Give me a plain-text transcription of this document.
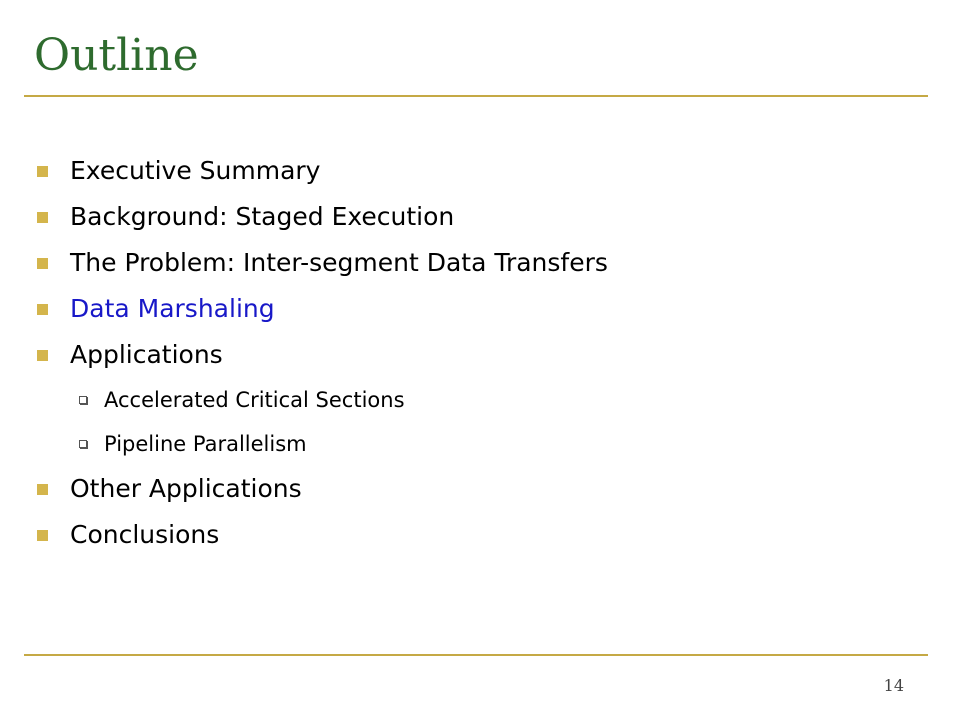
Outline
Executive Summary
Background: Staged Execution
The Problem: Inter-segment Data Transfers
Data Marshaling
Applications
Accelerated Critical Sections
Pipeline Parallelism
Other Applications
Conclusions
14
